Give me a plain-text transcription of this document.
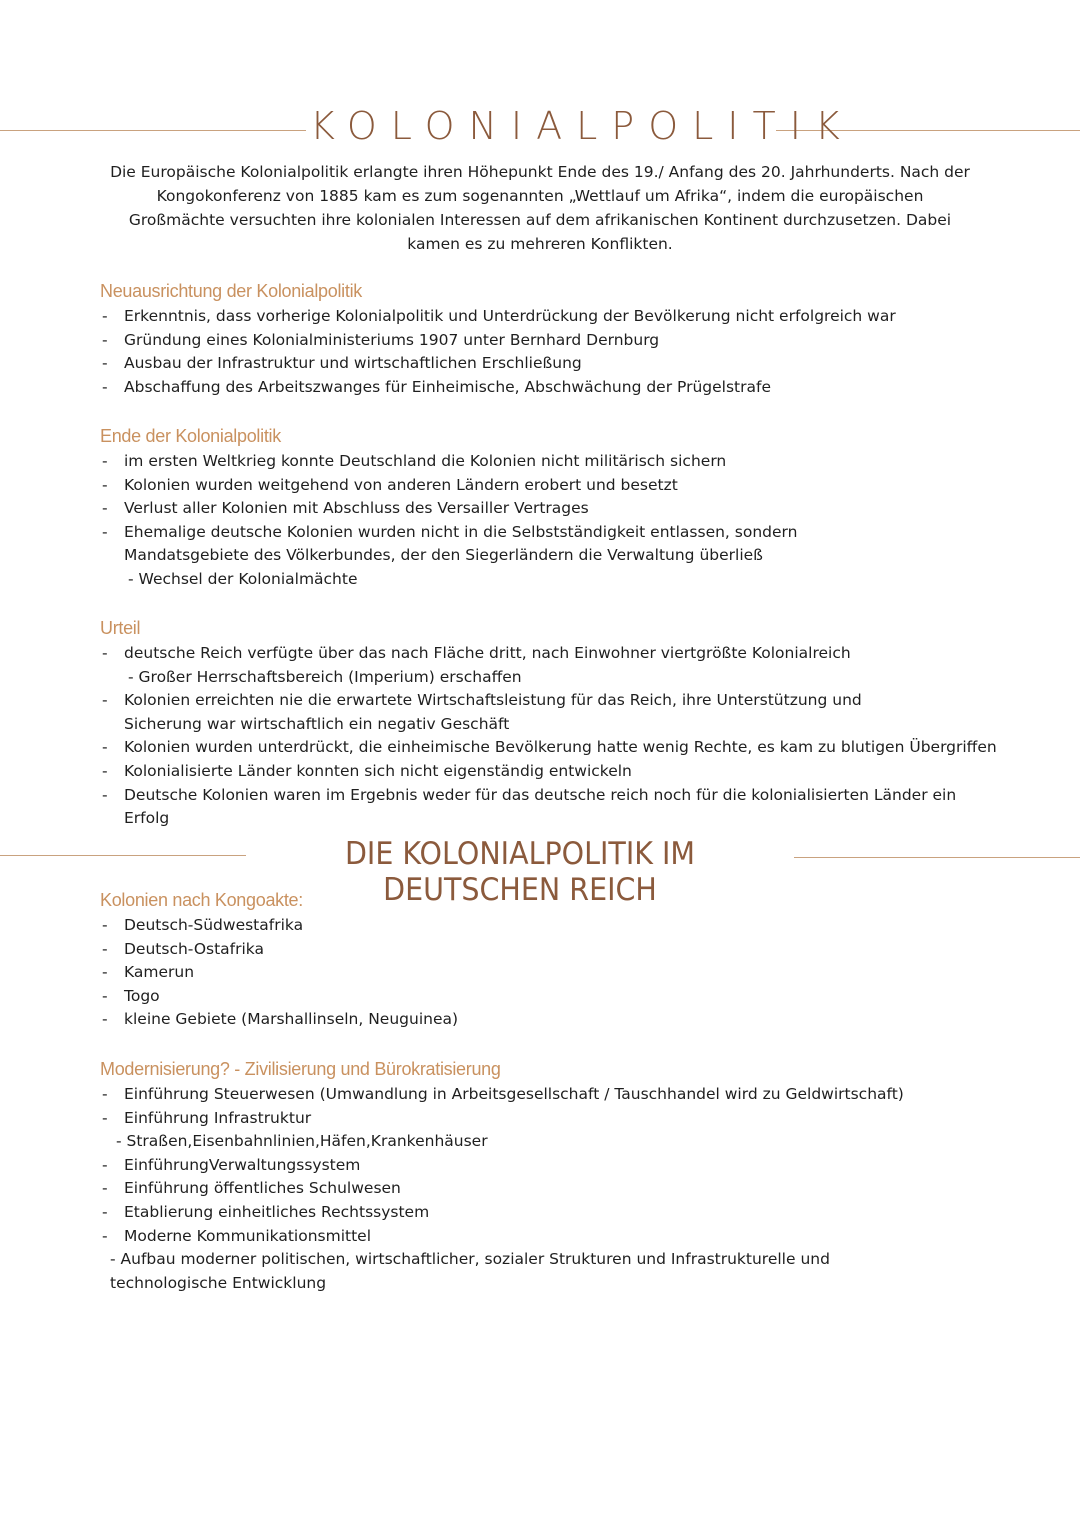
KOLONIALPOLITIK
Die Europäische Kolonialpolitik erlangte ihren Höhepunkt Ende des 19./ Anfang des 20. Jahrhunderts. Nach der Kongokonferenz von 1885 kam es zum sogenannten „Wettlauf um Afrika“, indem die europäischen Großmächte versuchten ihre kolonialen Interessen auf dem afrikanischen Kontinent durchzusetzen. Dabei kamen es zu mehreren Konflikten.
Neuausrichtung der Kolonialpolitik
- Erkenntnis, dass vorherige Kolonialpolitik und Unterdrückung der Bevölkerung nicht erfolgreich war
- Gründung eines Kolonialministeriums 1907 unter Bernhard Dernburg
- Ausbau der Infrastruktur und wirtschaftlichen Erschließung
- Abschaffung des Arbeitszwanges für Einheimische, Abschwächung der Prügelstrafe
Ende der Kolonialpolitik
- im ersten Weltkrieg konnte Deutschland die Kolonien nicht militärisch sichern
- Kolonien wurden weitgehend von anderen Ländern erobert und besetzt
- Verlust aller Kolonien mit Abschluss des Versailler Vertrages
- Ehemalige deutsche Kolonien wurden nicht in die Selbstständigkeit entlassen, sondern Mandatsgebiete des Völkerbundes, der den Siegerländern die Verwaltung überließ
- Wechsel der Kolonialmächte
Urteil
- deutsche Reich verfügte über das nach Fläche dritt, nach Einwohner viertgrößte Kolonialreich
- Großer Herrschaftsbereich (Imperium) erschaffen
- Kolonien erreichten nie die erwartete Wirtschaftsleistung für das Reich, ihre Unterstützung und Sicherung war wirtschaftlich ein negativ Geschäft
- Kolonien wurden unterdrückt, die einheimische Bevölkerung hatte wenig Rechte, es kam zu blutigen Übergriffen
- Kolonialisierte Länder konnten sich nicht eigenständig entwickeln
- Deutsche Kolonien waren im Ergebnis weder für das deutsche reich noch für die kolonialisierten Länder ein Erfolg
DIE KOLONIALPOLITIK IM DEUTSCHEN REICH
Kolonien nach Kongoakte:
- Deutsch-Südwestafrika
- Deutsch-Ostafrika
- Kamerun
- Togo
- kleine Gebiete (Marshallinseln, Neuguinea)
Modernisierung? - Zivilisierung und Bürokratisierung
- Einführung Steuerwesen (Umwandlung in Arbeitsgesellschaft / Tauschhandel wird zu Geldwirtschaft)
- Einführung Infrastruktur
- Straßen,Eisenbahnlinien,Häfen,Krankenhäuser
- EinführungVerwaltungssystem
- Einführung öffentliches Schulwesen
- Etablierung einheitliches Rechtssystem
- Moderne Kommunikationsmittel
- Aufbau moderner politischen, wirtschaftlicher, sozialer Strukturen und Infrastrukturelle und technologische Entwicklung
